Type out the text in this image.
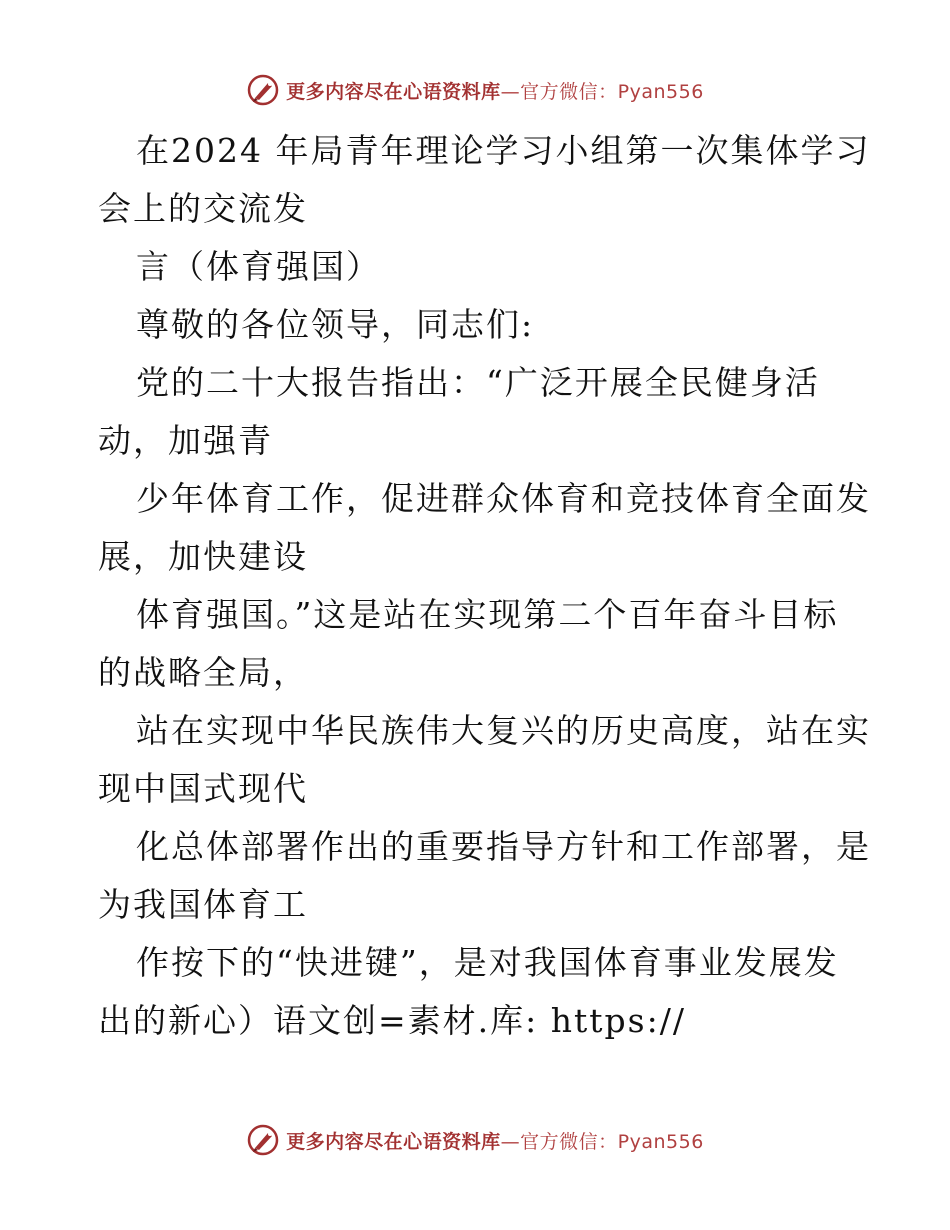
更多内容尽在心语资料库—官方微信：Pyan556
在2024 年局青年理论学习小组第一次集体学习
会上的交流发
言（体育强国）
尊敬的各位领导，同志们:
党的二十大报告指出：“广泛开展全民健身活
动，加强青
少年体育工作，促进群众体育和竞技体育全面发
展，加快建设
体育强国。”这是站在实现第二个百年奋斗目标
的战略全局，
站在实现中华民族伟大复兴的历史高度，站在实
现中国式现代
化总体部署作出的重要指导方针和工作部署，是
为我国体育工
作按下的“快进键”，是对我国体育事业发展发
出的新心）语文创=素材.库: https://
更多内容尽在心语资料库—官方微信：Pyan556
